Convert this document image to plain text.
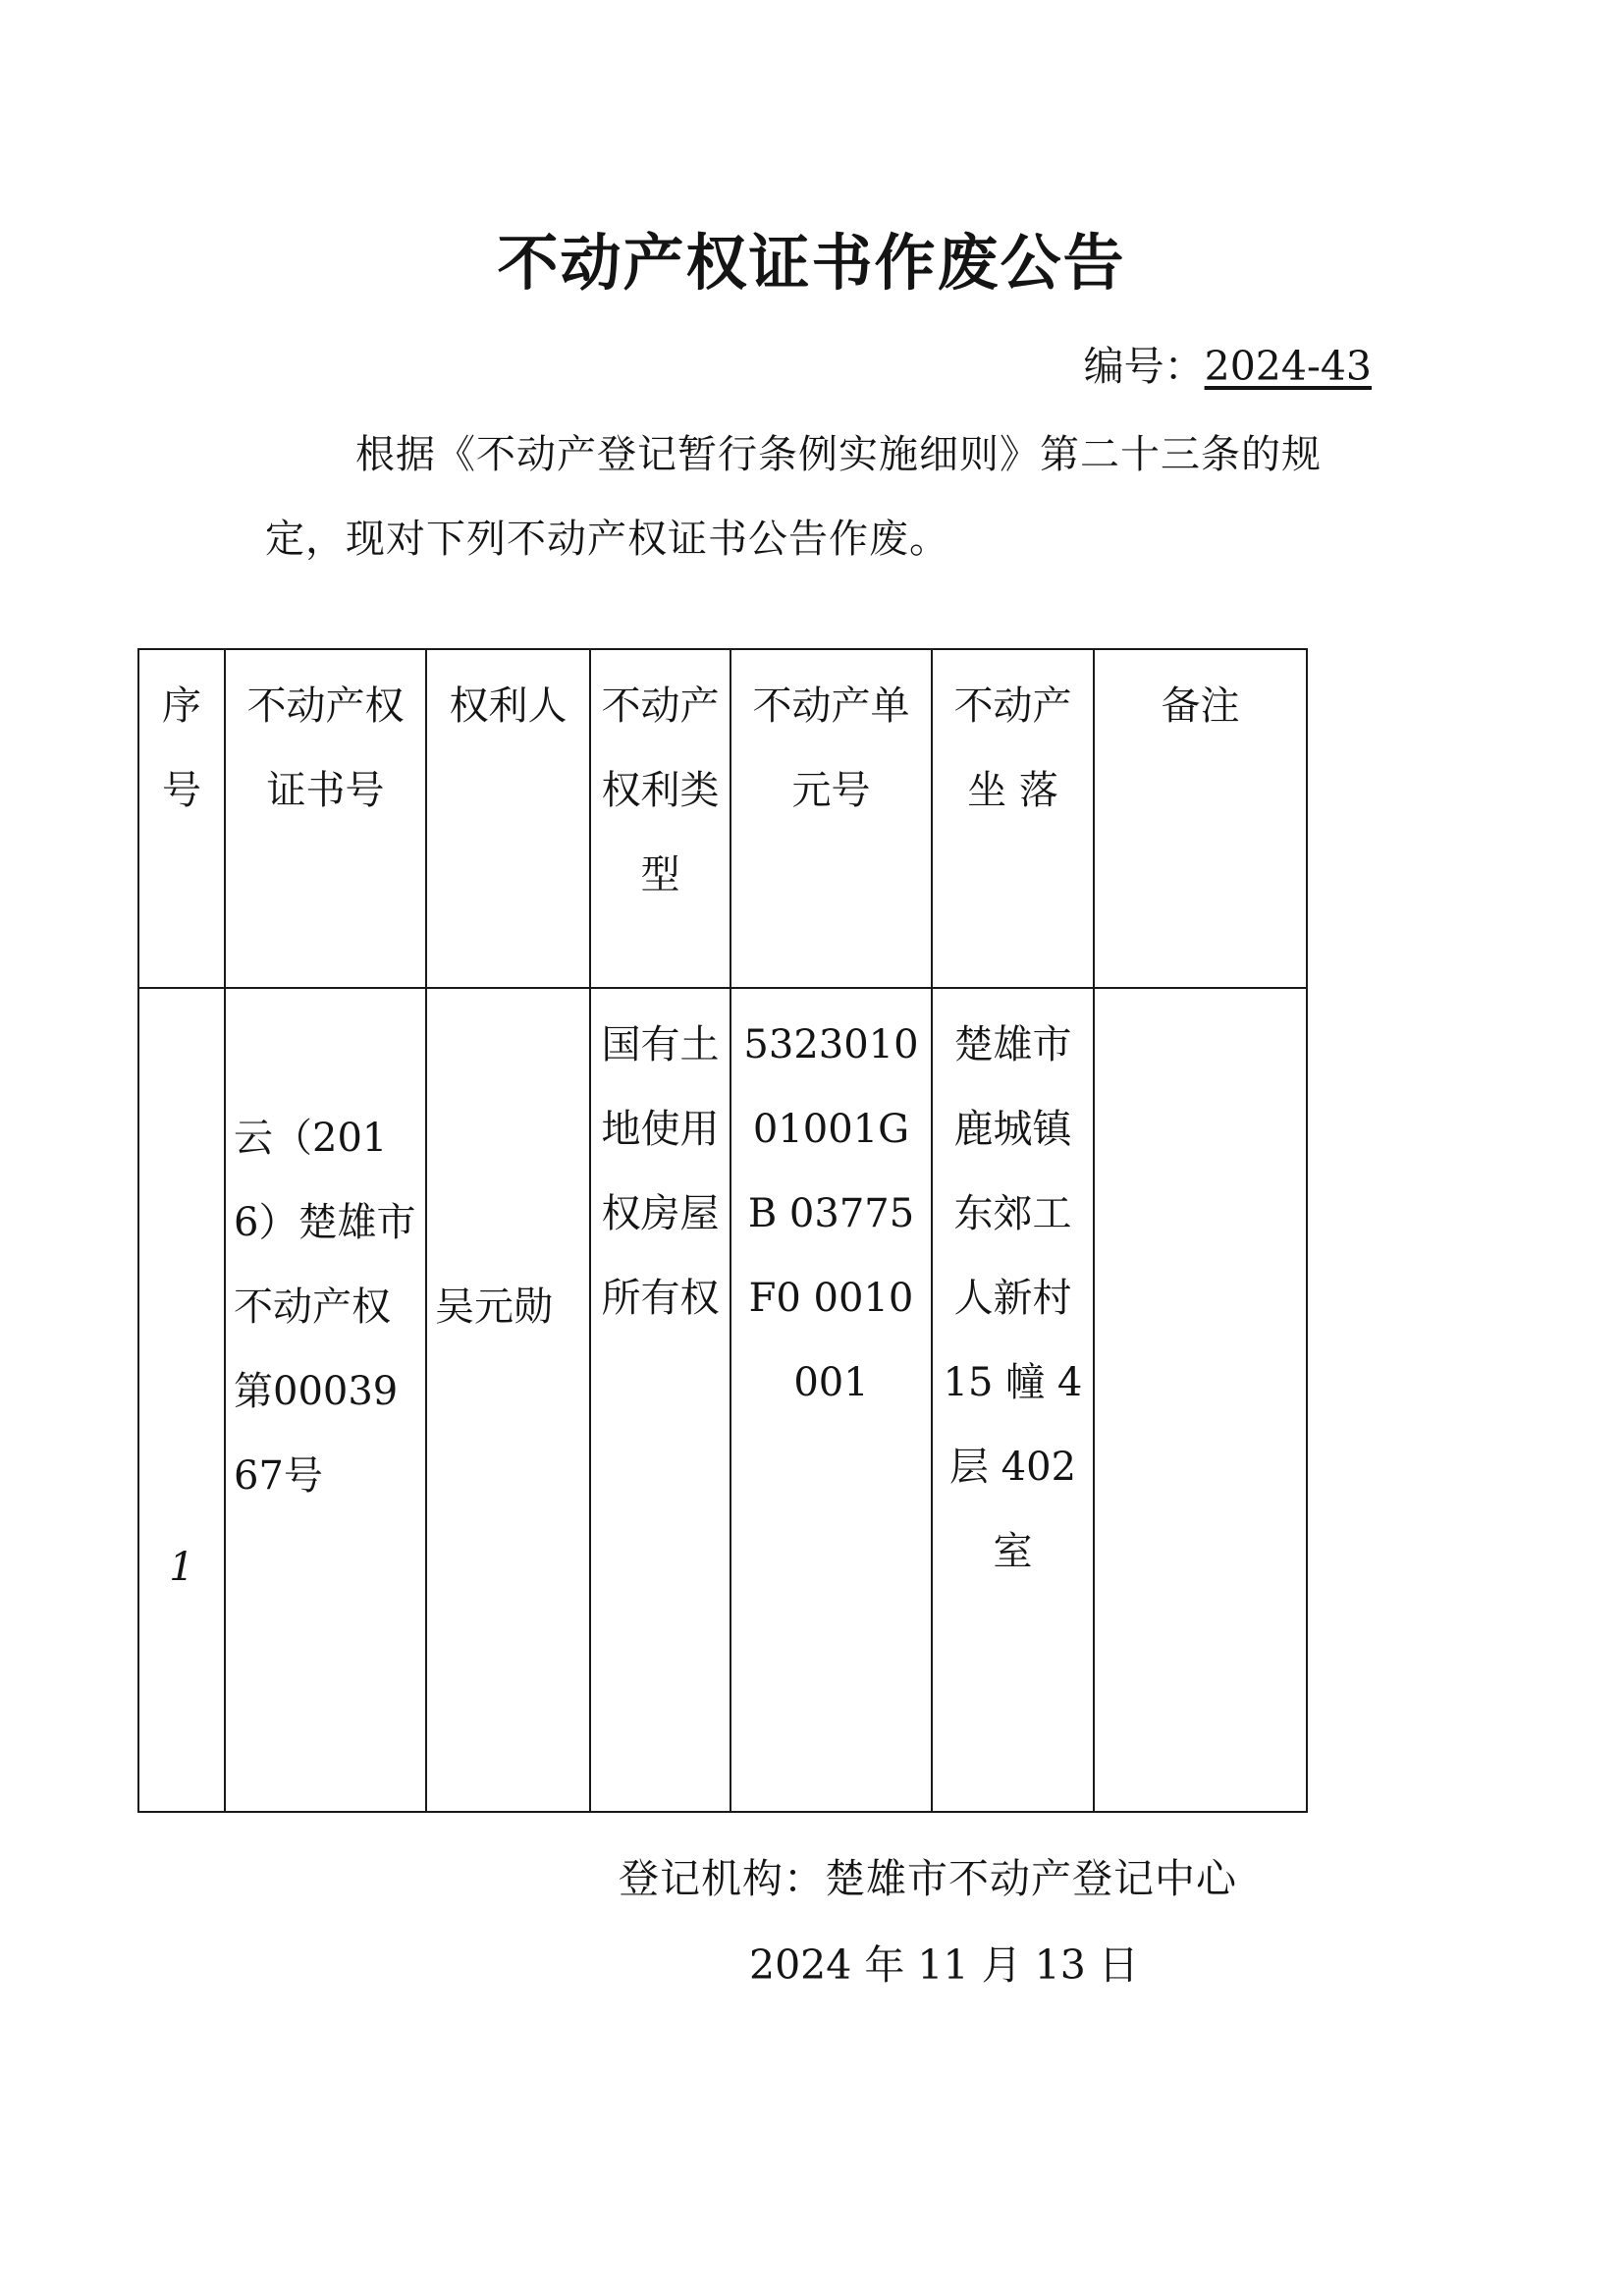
不动产权证书作废公告
编号：2024-43
根据《不动产登记暂行条例实施细则》第二十三条的规定，现对下列不动产权证书公告作废。
序号	不动产权证书号	权利人	不动产权利类型	不动产单元号	不动产坐 落	备注
1	云（2016）楚雄市不动产权第0003967号	吴元勋	国有土地使用权房屋所有权	5323010 01001GB 03775F0 0010001	楚雄市鹿城镇东郊工人新村 15 幢 4 层 402 室	
登记机构：楚雄市不动产登记中心
2024 年 11 月 13 日
